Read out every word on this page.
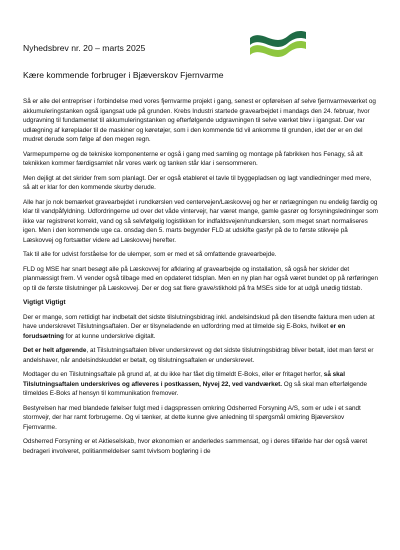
Nyhedsbrev nr. 20 – marts 2025
Kære kommende forbruger i Bjæverskov Fjernvarme

Så er alle del entrepriser i forbindelse med vores fjernvarme projekt i gang, senest er opførelsen af selve fjernvarmeværket og akkumuleringstanken også igangsat ude på grunden. Krebs Industri startede gravearbejdet i mandags den 24. februar, hvor udgravning til fundamentet til akkumuleringstanken og efterfølgende udgravningen til selve værket blev i igangsat. Der var udlægning af køreplader til de maskiner og køretøjer, som i den kommende tid vil ankomme til grunden, idet der er en del mudret derude som følge af den megen regn.

Varmepumperne og de tekniske komponenterne er også i gang med samling og montage på fabrikken hos Fenagy, så alt teknikken kommer færdigsamlet når vores værk og tanken står klar i sensommeren.

Men dejligt at det skrider frem som planlagt. Der er også etableret el tavle til byggepladsen og lagt vandledninger med mere, så alt er klar for den kommende skurby derude.

Alle har jo nok bemærket gravearbejdet i rundkørslen ved centervejen/Læskovvej og her er rørlægningen nu endelig færdig og klar til vandpåfyldning. Udfordringerne ud over det våde vintervejr, har været mange, gamle gasrør og forsyningsledninger som ikke var registreret korrekt, vand og så selvfølgelig logistikken for indfaldsvejen/rundkørslen, som meget snart normaliseres igen. Men i den kommende uge ca. onsdag den 5. marts begynder FLD at udskifte gasfyr på de to første stikveje på Læskovvej og fortsætter videre ad Læskovvej herefter.

Tak til alle for udvist forståelse for de ulemper, som er med et så omfattende gravearbejde.

FLD og MSE har snart besøgt alle på Læskovvej for afklaring af gravearbejde og installation, så også her skrider det planmæssigt frem. Vi vender også tilbage med en opdateret tidsplan. Men en ny plan har også været bundet op på rørføringen op til de første tilslutninger på Læskovvej. Der er dog sat flere grave/stikhold på fra MSEs side for at udgå unødig tidstab.

Vigtigt Vigtigt

Der er mange, som rettidigt har indbetalt det sidste tilslutningsbidrag inkl. andelsindskud på den tilsendte faktura men uden at have underskrevet Tilslutningsaftalen. Der er tilsyneladende en udfordring med at tilmelde sig E-Boks, hvilket er en forudsætning for at kunne underskrive digitalt.

Det er helt afgørende, at Tilslutningsaftalen bliver underskrevet og det sidste tilslutningsbidrag bliver betalt, idet man først er andelshaver, når andelsindskuddet er betalt, og tilslutningsaftalen er underskrevet.

Modtager du en Tilslutningsaftale på grund af, at du ikke har fået dig tilmeldt E-Boks, eller er fritaget herfor, så skal Tilslutningsaftalen underskrives og afleveres i postkassen, Nyvej 22, ved vandværket. Og så skal man efterfølgende tilmeldes E-Boks af hensyn til kommunikation fremover.

Bestyrelsen har med blandede følelser fulgt med i dagspressen omkring Odsherred Forsyning A/S, som er ude i et sandt stormvejr, der har ramt forbrugerne. Og vi tænker, at dette kunne give anledning til spørgsmål omkring Bjæverskov Fjernvarme.

Odsherred Forsyning er et Aktieselskab, hvor økonomien er anderledes sammensat, og i deres tilfælde har der også været bedrageri involveret, politianmeldelser samt tvivlsom bogføring i de
